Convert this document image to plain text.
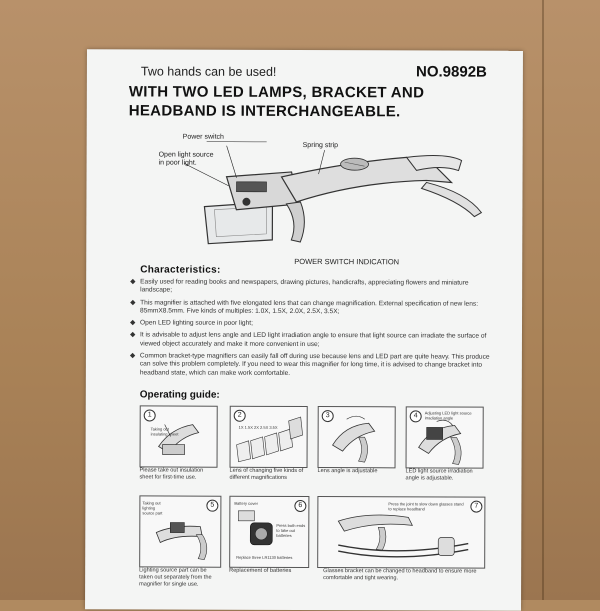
Two hands can be used!	NO.9892B
WITH TWO LED LAMPS, BRACKET AND HEADBAND IS INTERCHANGEABLE.
Power switch
Spring strip
Open light source in poor light.
POWER SWITCH INDICATION
Characteristics:
◆ Easily used for reading books and newspapers, drawing pictures, handicrafts, appreciating flowers and miniature landscape;
◆ This magnifier is attached with five elongated lens that can change magnification. External specification of new lens: 85mmX8.5mm. Five kinds of multiples: 1.0X, 1.5X, 2.0X, 2.5X, 3.5X;
◆ Open LED lighting source in poor light;
◆ It is advisable to adjust lens angle and LED light irradiation angle to ensure that light source can irradiate the surface of viewed object accurately and make it more convenient in use;
◆ Common bracket-type magnifiers can easily fall off during use because lens and LED part are quite heavy. This produce can solve this problem completely. If you need to wear this magnifier for long time, it is advised to change bracket into headband state, which can make work comfortable.
Operating guide:
1
Taking out insulating sheet
Please take out insulation sheet for first-time use.
2
1X 1.5X 2X 2.5X 3.5X
Lens of changing five kinds of different magnifications
3
Lens angle is adjustable
4	Adjusting LED light source irradiation angle
LED light source irradiation angle is adjustable.
5
Taking out lighting source part
Lighting source part can be taken out separately from the magnifier for single use.
6
Battery cover
Press both ends to take out batteries
Replace three LR1130 batteries
Replacement of batteries
7
Press the joint to slow down glasses stand to replace headband
Glasses bracket can be changed to headband to ensure more comfortable and tight wearing.
